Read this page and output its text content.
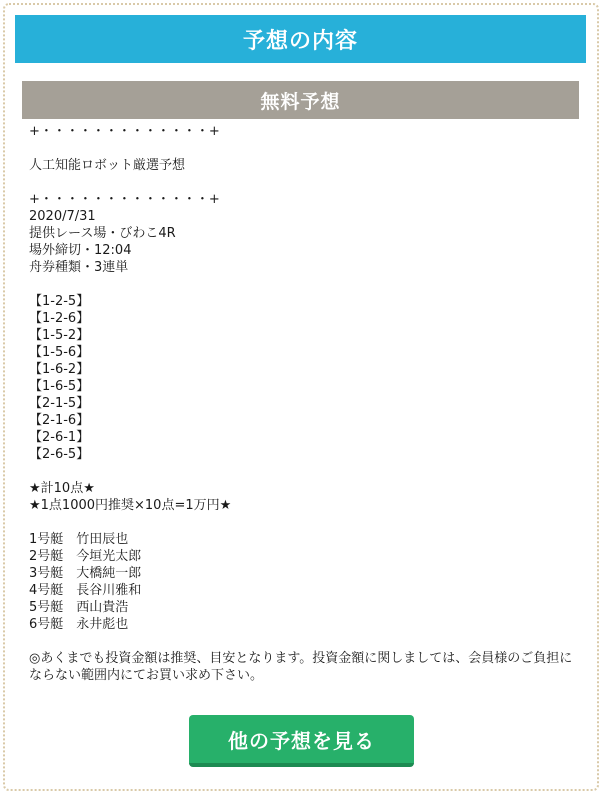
予想の内容
無料予想
+・・・・・・・・・・・・・+
人工知能ロボット厳選予想
+・・・・・・・・・・・・・+
2020/7/31
提供レース場・びわこ4R
場外締切・12:04
舟券種類・3連単
【1-2-5】
【1-2-6】
【1-5-2】
【1-5-6】
【1-6-2】
【1-6-5】
【2-1-5】
【2-1-6】
【2-6-1】
【2-6-5】
★計10点★
★1点1000円推奨×10点=1万円★
1号艇　竹田辰也
2号艇　今垣光太郎
3号艇　大橋純一郎
4号艇　長谷川雅和
5号艇　西山貴浩
6号艇　永井彪也
◎あくまでも投資金額は推奨、目安となります。投資金額に関しましては、会員様のご負担にならない範囲内にてお買い求め下さい。
他の予想を見る
